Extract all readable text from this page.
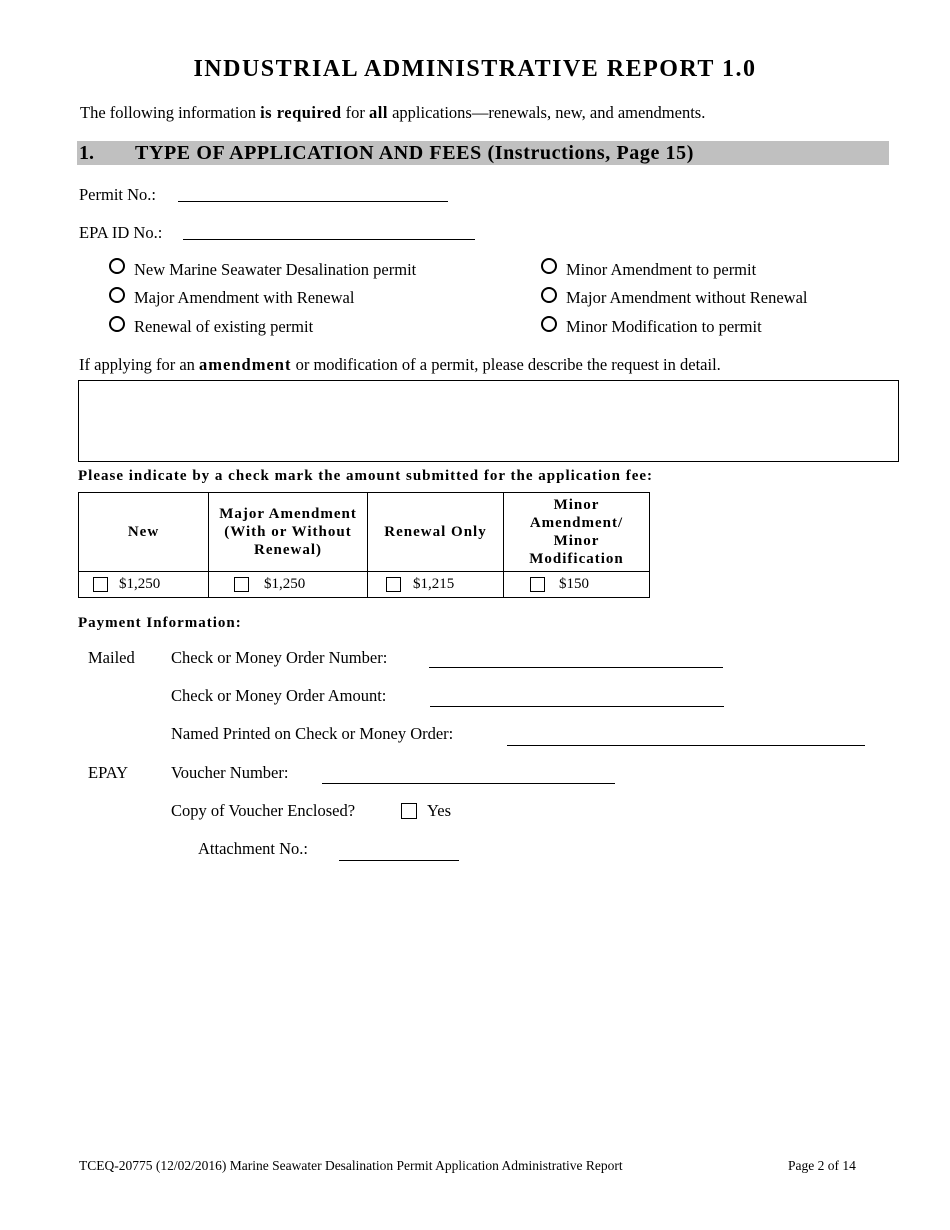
INDUSTRIAL ADMINISTRATIVE REPORT 1.0
The following information is required for all applications—renewals, new, and amendments.
1. TYPE OF APPLICATION AND FEES (Instructions, Page 15)
Permit No.:
EPA ID No.:
New Marine Seawater Desalination permit
Major Amendment with Renewal
Renewal of existing permit
Minor Amendment to permit
Major Amendment without Renewal
Minor Modification to permit
If applying for an amendment or modification of a permit, please describe the request in detail.
Please indicate by a check mark the amount submitted for the application fee:
New	Major Amendment (With or Without Renewal)	Renewal Only	Minor Amendment/ Minor Modification

$1,250	$1,250	$1,215	$150
Payment Information:
Mailed Check or Money Order Number:
Check or Money Order Amount:
Named Printed on Check or Money Order:
EPAY	Voucher Number:
Copy of Voucher Enclosed?	Yes
Attachment No.:
TCEQ-20775 (12/02/2016) Marine Seawater Desalination Permit Application Administrative Report	Page 2 of 14
